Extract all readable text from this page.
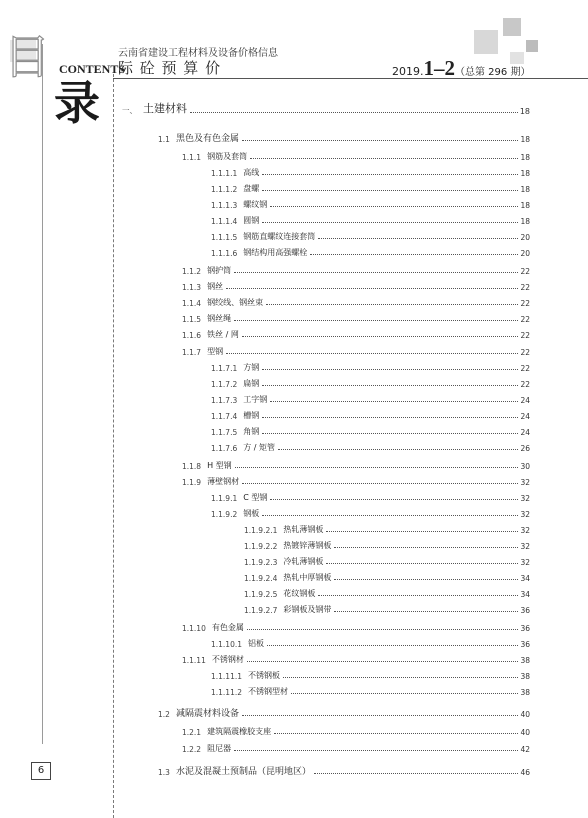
目 CONTENTS
录
云南省建设工程材料及设备价格信息
际 砼 预 算 价	2019.1–2（总第 296 期）
6
一、 土建材料	18
1.1 黑色及有色金属	18
1.1.1 钢筋及套筒	18
1.1.1.1 高线	18
1.1.1.2 盘螺	18
1.1.1.3 螺纹钢	18
1.1.1.4 圆钢	18
1.1.1.5 钢筋直螺纹连接套筒	20
1.1.1.6 钢结构用高强螺栓	20
1.1.2 钢护筒	22
1.1.3 钢丝	22
1.1.4 钢绞线、钢丝束	22
1.1.5 钢丝绳	22
1.1.6 铁丝 / 网	22
1.1.7 型钢	22
1.1.7.1 方钢	22
1.1.7.2 扁钢	22
1.1.7.3 工字钢	24
1.1.7.4 槽钢	24
1.1.7.5 角钢	24
1.1.7.6 方 / 矩管	26
1.1.8 H 型钢	30
1.1.9 薄壁钢材	32
1.1.9.1 C 型钢	32
1.1.9.2 钢板	32
1.1.9.2.1 热轧薄钢板	32
1.1.9.2.2 热镀锌薄钢板	32
1.1.9.2.3 冷轧薄钢板	32
1.1.9.2.4 热轧中厚钢板	34
1.1.9.2.5 花纹钢板	34
1.1.9.2.7 彩钢板及钢带	36
1.1.10 有色金属	36
1.1.10.1 铝板	36
1.1.11 不锈钢材	38
1.1.11.1 不锈钢板	38
1.1.11.2 不锈钢型材	38
1.2 减隔震材料设备	40
1.2.1 建筑隔震橡胶支座	40
1.2.2 阻尼器	42
1.3 水泥及混凝土预制品（昆明地区）	46
